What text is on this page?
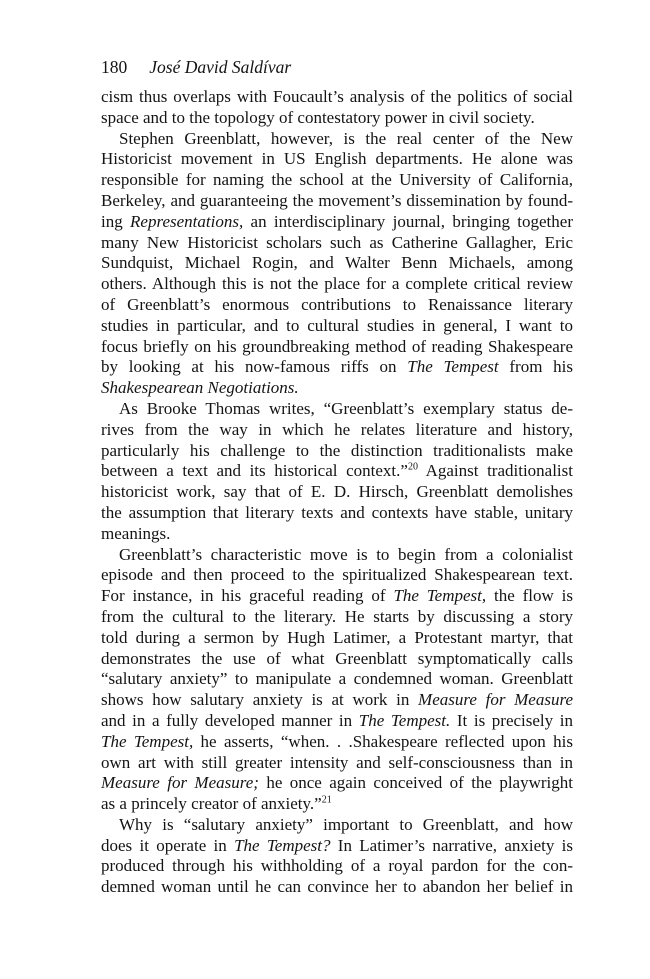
180 José David Saldívar
cism thus overlaps with Foucault’s analysis of the politics of social
space and to the topology of contestatory power in civil society.
Stephen Greenblatt, however, is the real center of the New
Historicist movement in US English departments. He alone was
responsible for naming the school at the University of California,
Berkeley, and guaranteeing the movement’s dissemination by found-
ing Representations, an interdisciplinary journal, bringing together
many New Historicist scholars such as Catherine Gallagher, Eric
Sundquist, Michael Rogin, and Walter Benn Michaels, among
others. Although this is not the place for a complete critical review
of Greenblatt’s enormous contributions to Renaissance literary
studies in particular, and to cultural studies in general, I want to
focus briefly on his groundbreaking method of reading Shakespeare
by looking at his now-famous riffs on The Tempest from his
Shakespearean Negotiations.
As Brooke Thomas writes, “Greenblatt’s exemplary status de-
rives from the way in which he relates literature and history,
particularly his challenge to the distinction traditionalists make
between a text and its historical context.”$^{20}$ Against traditionalist
historicist work, say that of E. D. Hirsch, Greenblatt demolishes
the assumption that literary texts and contexts have stable, unitary
meanings.
Greenblatt’s characteristic move is to begin from a colonialist
episode and then proceed to the spiritualized Shakespearean text.
For instance, in his graceful reading of The Tempest, the flow is
from the cultural to the literary. He starts by discussing a story
told during a sermon by Hugh Latimer, a Protestant martyr, that
demonstrates the use of what Greenblatt symptomatically calls
“salutary anxiety” to manipulate a condemned woman. Greenblatt
shows how salutary anxiety is at work in Measure for Measure
and in a fully developed manner in The Tempest. It is precisely in
The Tempest, he asserts, “when. . .Shakespeare reflected upon his
own art with still greater intensity and self-consciousness than in
Measure for Measure; he once again conceived of the playwright
as a princely creator of anxiety.”$^{21}$
Why is “salutary anxiety” important to Greenblatt, and how
does it operate in The Tempest? In Latimer’s narrative, anxiety is
produced through his withholding of a royal pardon for the con-
demned woman until he can convince her to abandon her belief in
